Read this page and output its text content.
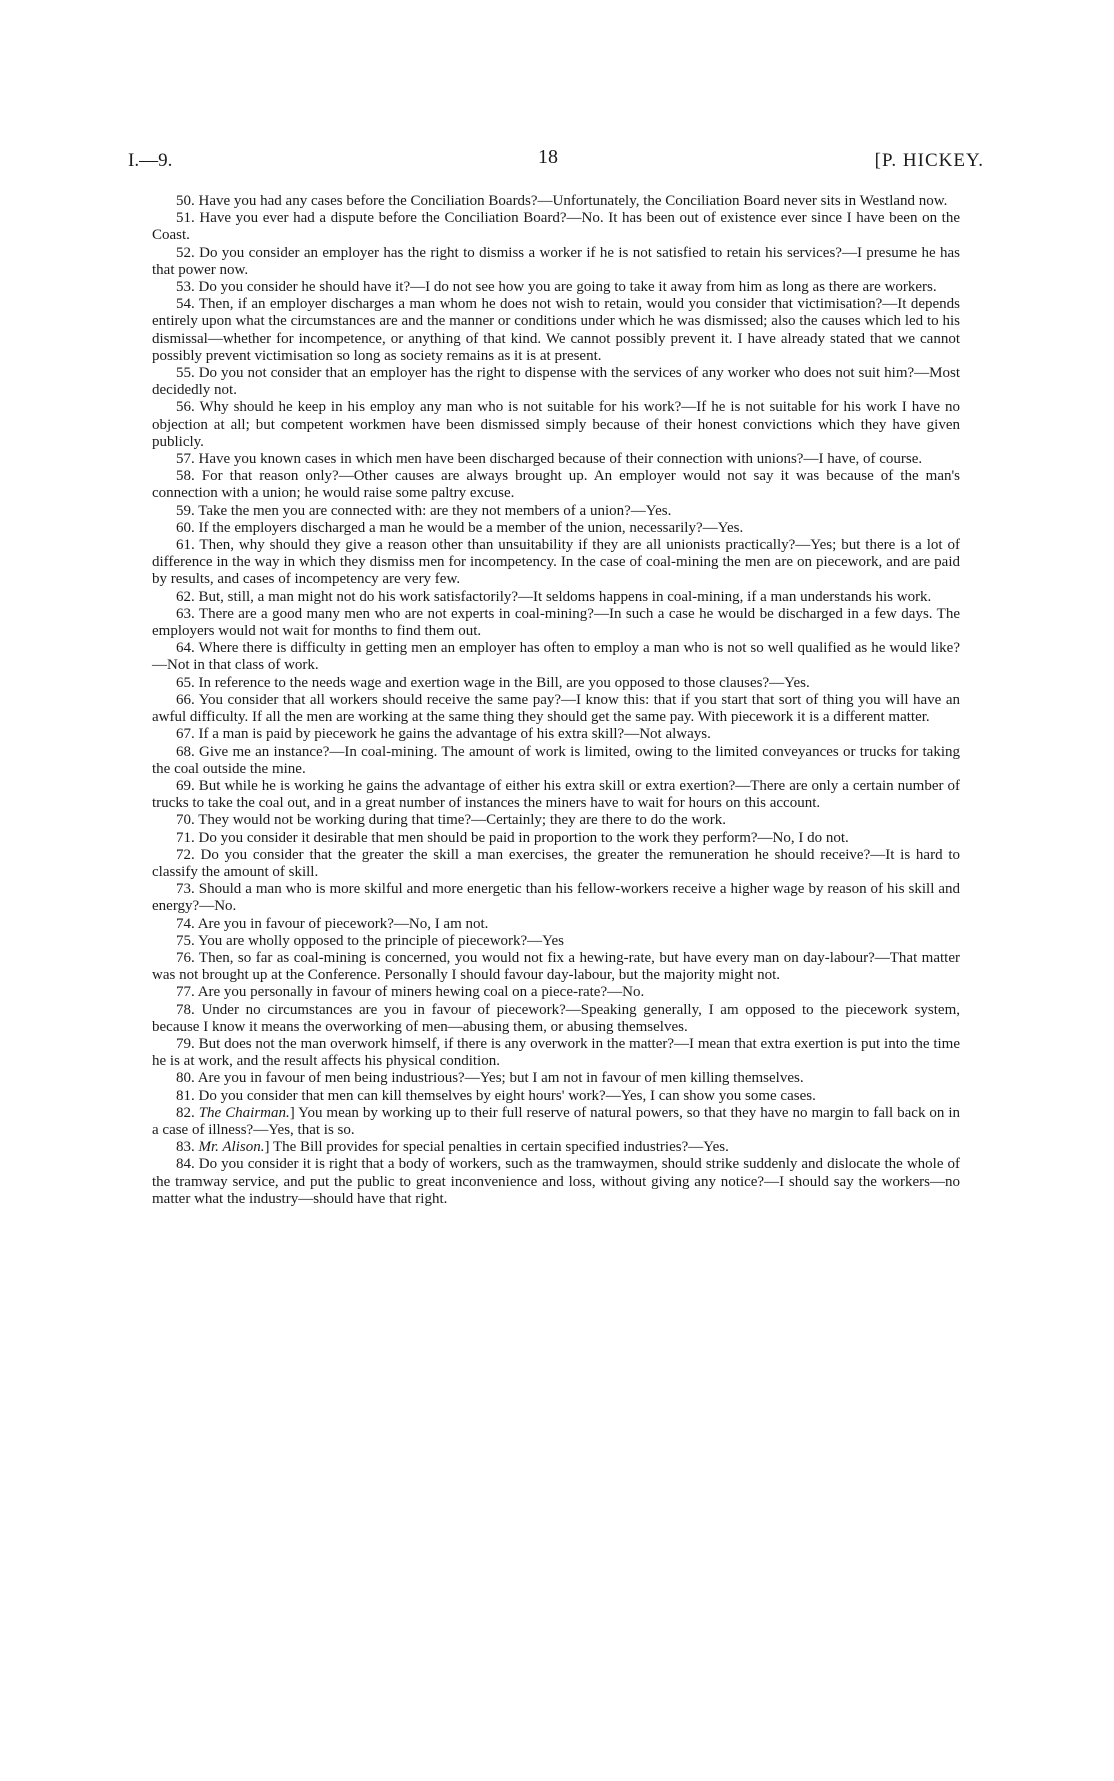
I.—9.	18	[P. HICKEY.

50. Have you had any cases before the Conciliation Boards?—Unfortunately, the Conciliation Board never sits in Westland now.

51. Have you ever had a dispute before the Conciliation Board?—No. It has been out of existence ever since I have been on the Coast.

52. Do you consider an employer has the right to dismiss a worker if he is not satisfied to retain his services?—I presume he has that power now.

53. Do you consider he should have it?—I do not see how you are going to take it away from him as long as there are workers.

54. Then, if an employer discharges a man whom he does not wish to retain, would you consider that victimisation?—It depends entirely upon what the circumstances are and the manner or conditions under which he was dismissed; also the causes which led to his dismissal—whether for incompetence, or anything of that kind. We cannot possibly prevent it. I have already stated that we cannot possibly prevent victimisation so long as society remains as it is at present.

55. Do you not consider that an employer has the right to dispense with the services of any worker who does not suit him?—Most decidedly not.

56. Why should he keep in his employ any man who is not suitable for his work?—If he is not suitable for his work I have no objection at all; but competent workmen have been dismissed simply because of their honest convictions which they have given publicly.

57. Have you known cases in which men have been discharged because of their connection with unions?—I have, of course.

58. For that reason only?—Other causes are always brought up. An employer would not say it was because of the man's connection with a union; he would raise some paltry excuse.

59. Take the men you are connected with: are they not members of a union?—Yes.

60. If the employers discharged a man he would be a member of the union, necessarily?—Yes.

61. Then, why should they give a reason other than unsuitability if they are all unionists practically?—Yes; but there is a lot of difference in the way in which they dismiss men for incompetency. In the case of coal-mining the men are on piecework, and are paid by results, and cases of incompetency are very few.

62. But, still, a man might not do his work satisfactorily?—It seldoms happens in coal-mining, if a man understands his work.

63. There are a good many men who are not experts in coal-mining?—In such a case he would be discharged in a few days. The employers would not wait for months to find them out.

64. Where there is difficulty in getting men an employer has often to employ a man who is not so well qualified as he would like?—Not in that class of work.

65. In reference to the needs wage and exertion wage in the Bill, are you opposed to those clauses?—Yes.

66. You consider that all workers should receive the same pay?—I know this: that if you start that sort of thing you will have an awful difficulty. If all the men are working at the same thing they should get the same pay. With piecework it is a different matter.

67. If a man is paid by piecework he gains the advantage of his extra skill?—Not always.

68. Give me an instance?—In coal-mining. The amount of work is limited, owing to the limited conveyances or trucks for taking the coal outside the mine.

69. But while he is working he gains the advantage of either his extra skill or extra exertion?—There are only a certain number of trucks to take the coal out, and in a great number of instances the miners have to wait for hours on this account.

70. They would not be working during that time?—Certainly; they are there to do the work.

71. Do you consider it desirable that men should be paid in proportion to the work they perform?—No, I do not.

72. Do you consider that the greater the skill a man exercises, the greater the remuneration he should receive?—It is hard to classify the amount of skill.

73. Should a man who is more skilful and more energetic than his fellow-workers receive a higher wage by reason of his skill and energy?—No.

74. Are you in favour of piecework?—No, I am not.

75. You are wholly opposed to the principle of piecework?—Yes

76. Then, so far as coal-mining is concerned, you would not fix a hewing-rate, but have every man on day-labour?—That matter was not brought up at the Conference. Personally I should favour day-labour, but the majority might not.

77. Are you personally in favour of miners hewing coal on a piece-rate?—No.

78. Under no circumstances are you in favour of piecework?—Speaking generally, I am opposed to the piecework system, because I know it means the overworking of men—abusing them, or abusing themselves.

79. But does not the man overwork himself, if there is any overwork in the matter?—I mean that extra exertion is put into the time he is at work, and the result affects his physical condition.

80. Are you in favour of men being industrious?—Yes; but I am not in favour of men killing themselves.

81. Do you consider that men can kill themselves by eight hours' work?—Yes, I can show you some cases.

82. The Chairman.] You mean by working up to their full reserve of natural powers, so that they have no margin to fall back on in a case of illness?—Yes, that is so.

83. Mr. Alison.] The Bill provides for special penalties in certain specified industries?—Yes.

84. Do you consider it is right that a body of workers, such as the tramwaymen, should strike suddenly and dislocate the whole of the tramway service, and put the public to great inconvenience and loss, without giving any notice?—I should say the workers—no matter what the industry—should have that right.
